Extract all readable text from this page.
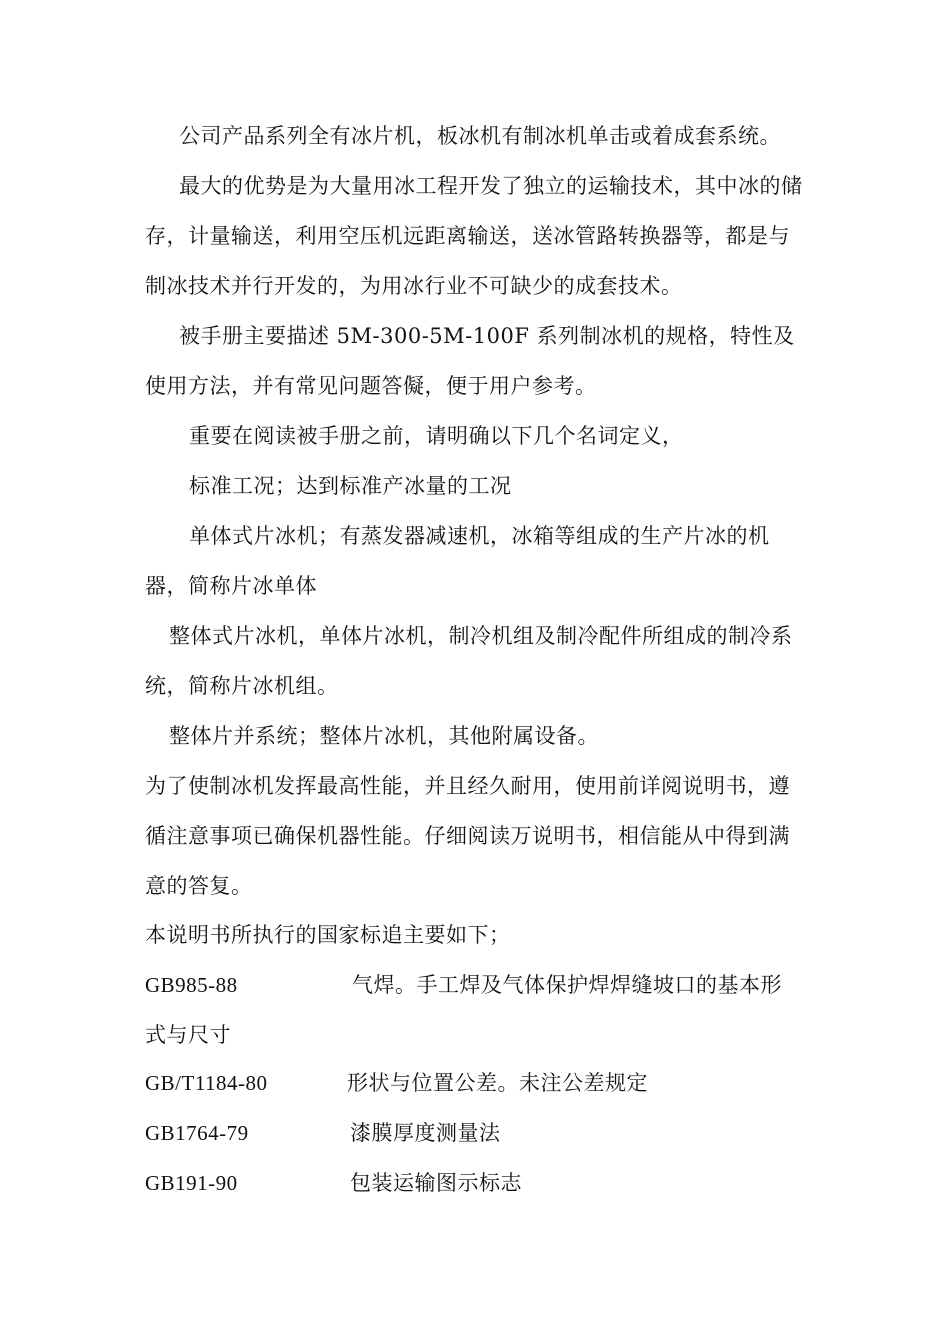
公司产品系列全有冰片机，板冰机有制冰机单击或着成套系统。
最大的优势是为大量用冰工程开发了独立的运输技术，其中冰的储存，计量输送，利用空压机远距离输送，送冰管路转换器等，都是与制冰技术并行开发的，为用冰行业不可缺少的成套技术。
被手册主要描述 5M-300-5M-100F 系列制冰机的规格，特性及使用方法，并有常见问题答儗，便于用户参考。
重要在阅读被手册之前，请明确以下几个名词定义，
标准工况；达到标准产冰量的工况
单体式片冰机；有蒸发器减速机，冰箱等组成的生产片冰的机器，简称片冰单体
整体式片冰机，单体片冰机，制冷机组及制冷配件所组成的制冷系统，简称片冰机组。
整体片并系统；整体片冰机，其他附属设备。
为了使制冰机发挥最高性能，并且经久耐用，使用前详阅说明书，遵循注意事项已确保机器性能。仔细阅读万说明书，相信能从中得到满意的答复。
本说明书所执行的国家标追主要如下；
GB985-88	气焊。手工焊及气体保护焊焊缝坡口的基本形
式与尺寸
GB/T1184-80	形状与位置公差。未注公差规定
GB1764-79	漆膜厚度测量法
GB191-90	包装运输图示标志
